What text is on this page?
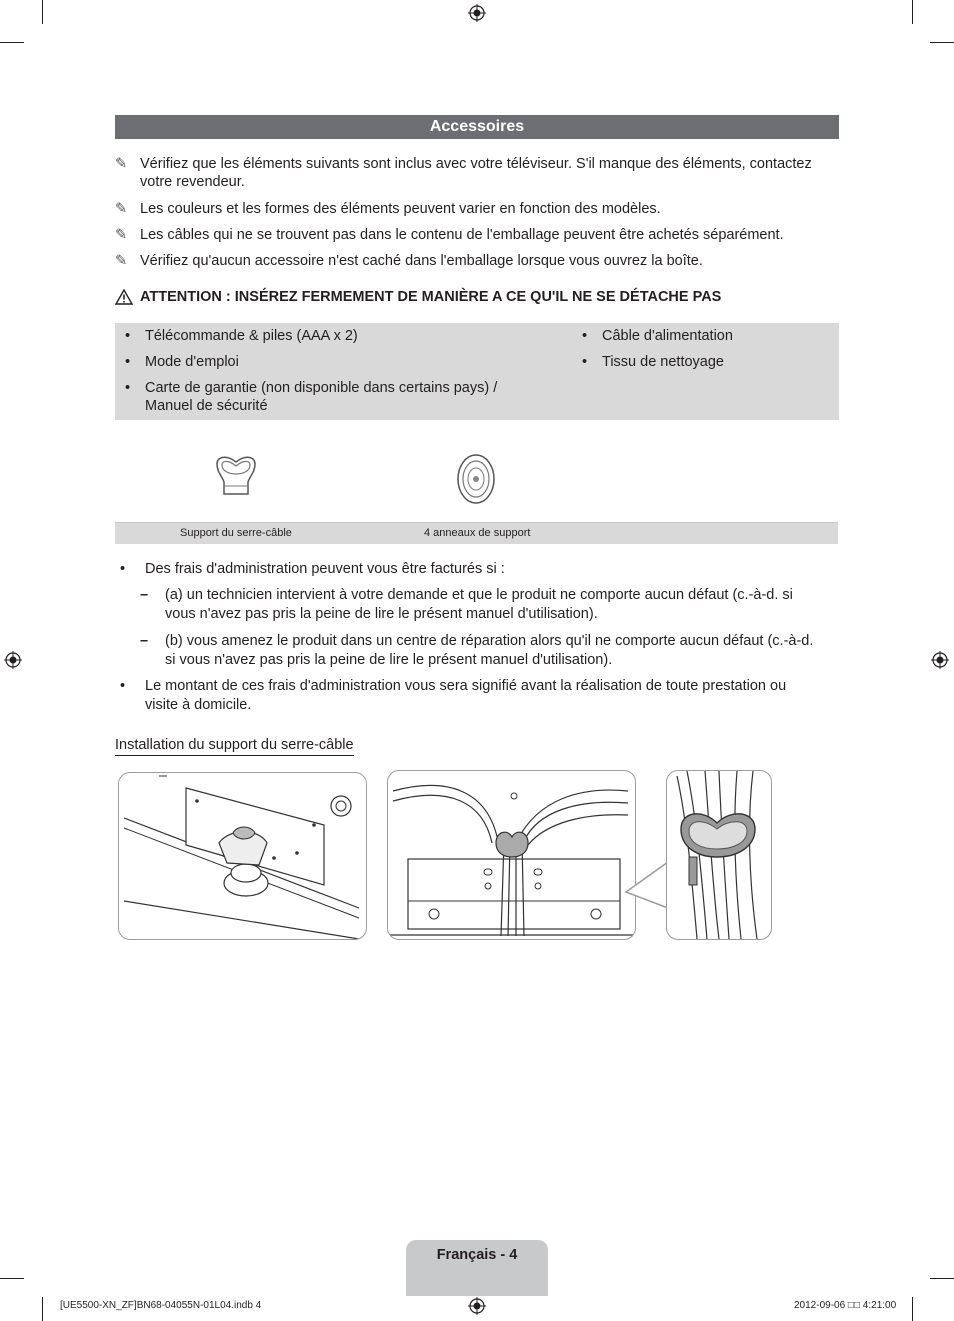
Accessoires
✎ Vérifiez que les éléments suivants sont inclus avec votre téléviseur. S'il manque des éléments, contactez votre revendeur.
✎ Les couleurs et les formes des éléments peuvent varier en fonction des modèles.
✎ Les câbles qui ne se trouvent pas dans le contenu de l'emballage peuvent être achetés séparément.
✎ Vérifiez qu'aucun accessoire n'est caché dans l'emballage lorsque vous ouvrez la boîte.
ATTENTION : INSÉREZ FERMEMENT DE MANIÈRE A CE QU'IL NE SE DÉTACHE PAS
•	Télécommande & piles (AAA x 2)
•	Mode d'emploi
•	Carte de garantie (non disponible dans certains pays) / Manuel de sécurité
•	Câble d'alimentation
•	Tissu de nettoyage
Support du serre-câble	4 anneaux de support
•	Des frais d'administration peuvent vous être facturés si :
–	(a) un technicien intervient à votre demande et que le produit ne comporte aucun défaut (c.-à-d. si vous n'avez pas pris la peine de lire le présent manuel d'utilisation).
–	(b) vous amenez le produit dans un centre de réparation alors qu'il ne comporte aucun défaut (c.-à-d. si vous n'avez pas pris la peine de lire le présent manuel d'utilisation).
•	Le montant de ces frais d'administration vous sera signifié avant la réalisation de toute prestation ou visite à domicile.
Installation du support du serre-câble
Français - 4
[UE5500-XN_ZF]BN68-04055N-01L04.indb 4	2012-09-06 □□ 4:21:00
